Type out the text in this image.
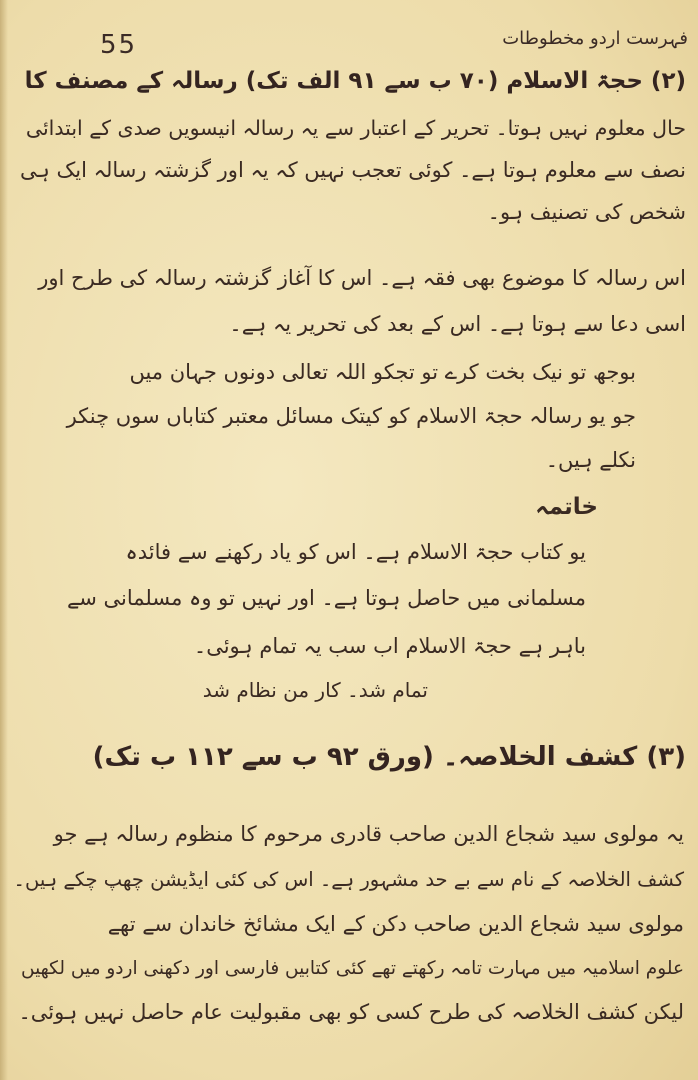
55	فہرست اردو مخطوطات
(۲) حجۃ الاسلام (۷۰ ب سے ۹۱ الف تک) رسالہ کے مصنف کا
حال معلوم نہیں ہوتا۔ تحریر کے اعتبار سے یہ رسالہ انیسویں صدی کے ابتدائی
نصف سے معلوم ہوتا ہے۔ کوئی تعجب نہیں کہ یہ اور گزشتہ رسالہ ایک ہی
شخص کی تصنیف ہو۔
اس رسالہ کا موضوع بھی فقہ ہے۔ اس کا آغاز گزشتہ رسالہ کی طرح اور
اسی دعا سے ہوتا ہے۔ اس کے بعد کی تحریر یہ ہے۔
بوجھ تو نیک بخت کرے تو تجکو اللہ تعالی دونوں جہان میں
جو یو رسالہ حجۃ الاسلام کو کیتک مسائل معتبر کتاباں سوں چنکر
نکلے ہیں۔
خاتمہ
یو کتاب حجۃ الاسلام ہے۔ اس کو یاد رکھنے سے فائدہ
مسلمانی میں حاصل ہوتا ہے۔ اور نہیں تو وہ مسلمانی سے
باہر ہے حجۃ الاسلام اب سب یہ تمام ہوئی۔
تمام شد۔ کار من نظام شد
(۳) کشف الخلاصہ۔ (ورق ۹۲ ب سے ۱۱۲ ب تک)
یہ مولوی سید شجاع الدین صاحب قادری مرحوم کا منظوم رسالہ ہے جو
کشف الخلاصہ کے نام سے بے حد مشہور ہے۔ اس کی کئی ایڈیشن چھپ چکے ہیں۔
مولوی سید شجاع الدین صاحب دکن کے ایک مشائخ خاندان سے تھے
علوم اسلامیہ میں مہارت تامہ رکھتے تھے کئی کتابیں فارسی اور دکھنی اردو میں لکھیں
لیکن کشف الخلاصہ کی طرح کسی کو بھی مقبولیت عام حاصل نہیں ہوئی۔
